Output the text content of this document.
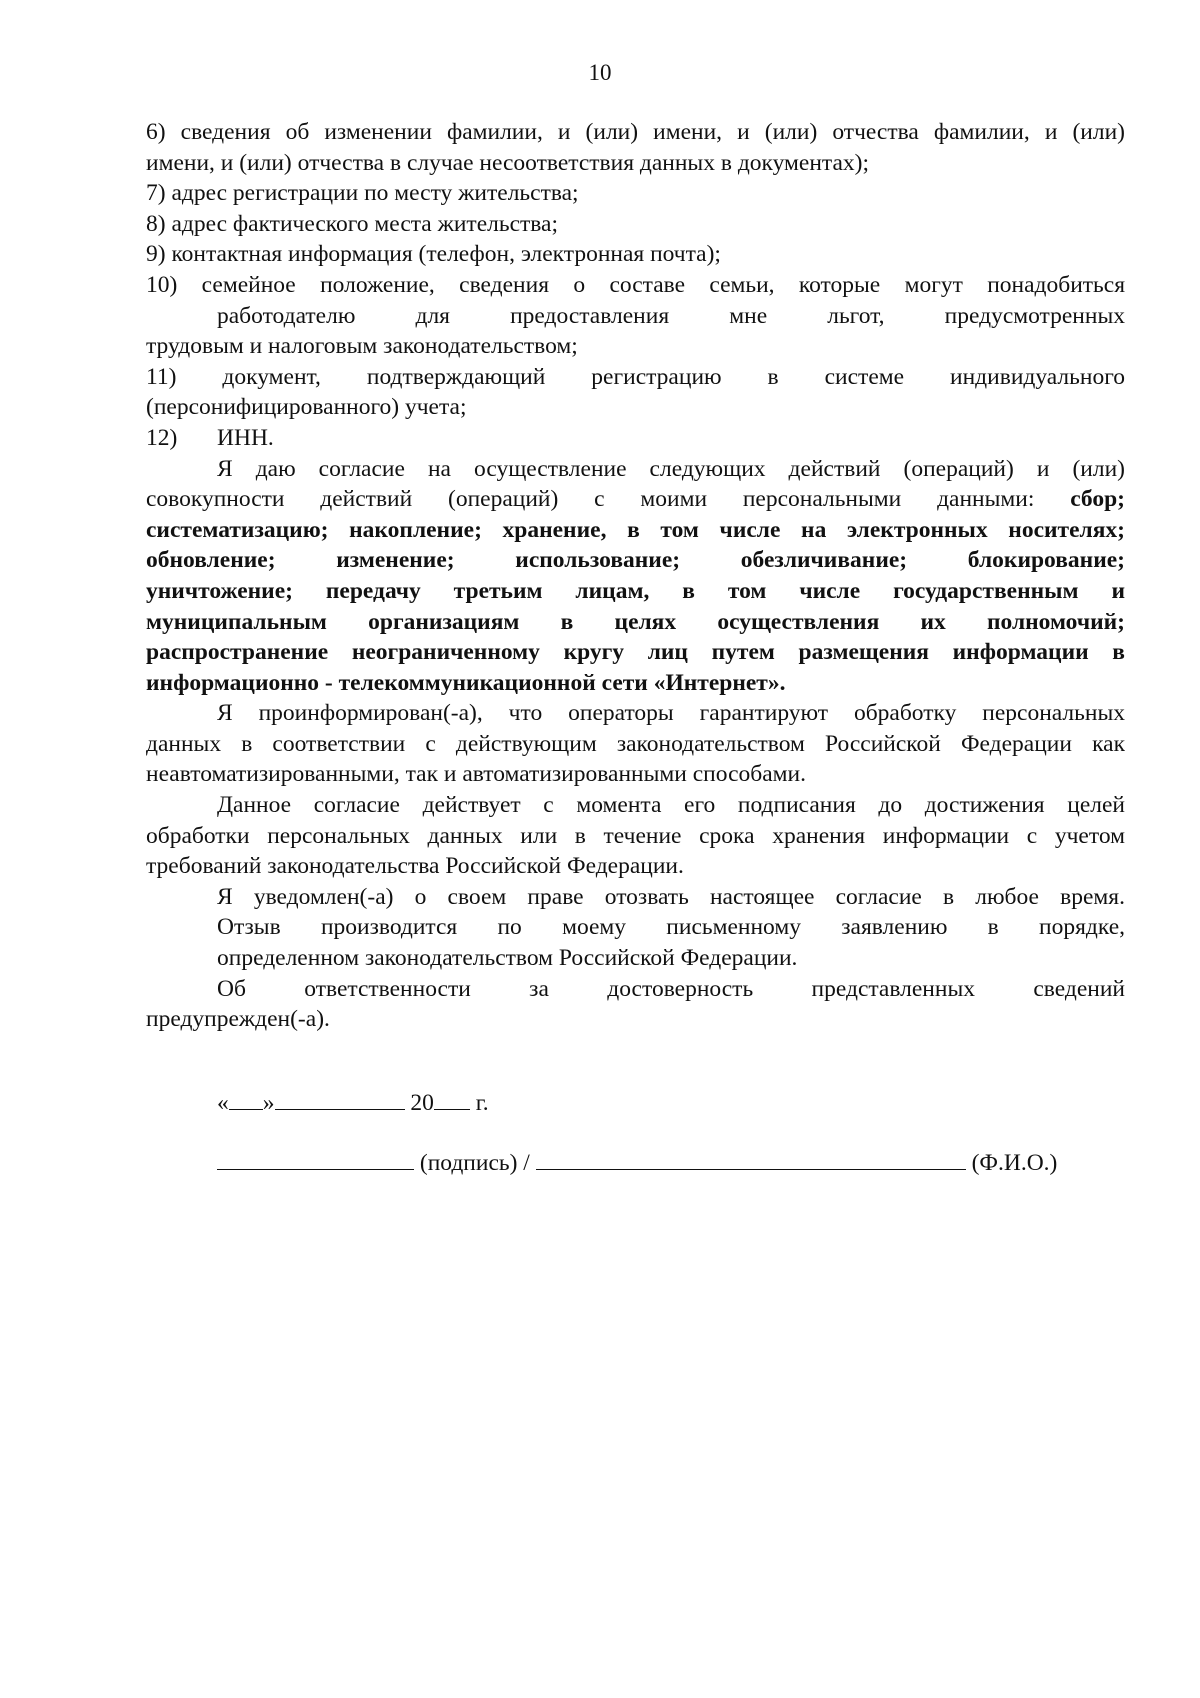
10
6) сведения об изменении фамилии, и (или) имени, и (или) отчества фамилии, и (или)
имени, и (или) отчества в случае несоответствия данных в документах);
7) адрес регистрации по месту жительства;
8) адрес фактического места жительства;
9) контактная информация (телефон, электронная почта);
10) семейное положение, сведения о составе семьи, которые могут понадобиться
работодателю для предоставления мне льгот, предусмотренных
трудовым и налоговым законодательством;
11) документ, подтверждающий регистрацию в системе индивидуального
(персонифицированного) учета;
12) ИНН.
Я даю согласие на осуществление следующих действий (операций) и (или)
совокупности действий (операций) с моими персональными данными: сбор;
систематизацию; накопление; хранение, в том числе на электронных носителях;
обновление; изменение; использование; обезличивание; блокирование;
уничтожение; передачу третьим лицам, в том числе государственным и
муниципальным организациям в целях осуществления их полномочий;
распространение неограниченному кругу лиц путем размещения информации в
информационно - телекоммуникационной сети «Интернет».
Я проинформирован(-а), что операторы гарантируют обработку персональных
данных в соответствии с действующим законодательством Российской Федерации как
неавтоматизированными, так и автоматизированными способами.
Данное согласие действует с момента его подписания до достижения целей
обработки персональных данных или в течение срока хранения информации с учетом
требований законодательства Российской Федерации.
Я уведомлен(-а) о своем праве отозвать настоящее согласие в любое время.
Отзыв производится по моему письменному заявлению в порядке,
определенном законодательством Российской Федерации.
Об ответственности за достоверность представленных сведений
предупрежден(-а).
« »	20 г.
(подпись) /	(Ф.И.О.)
